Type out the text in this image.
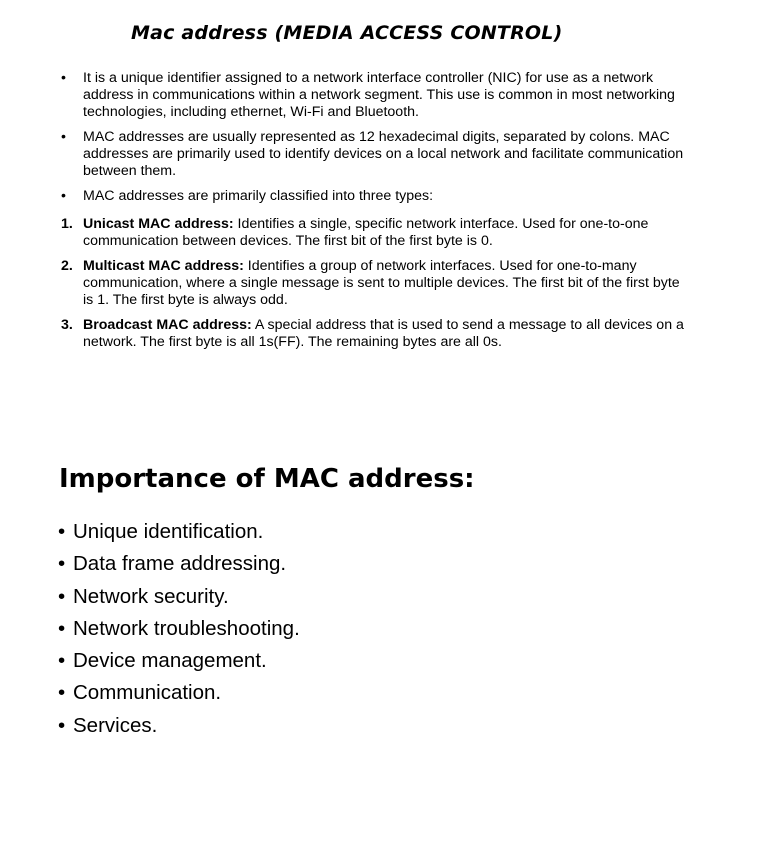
Mac address (MEDIA ACCESS CONTROL)
•	It is a unique identifier assigned to a network interface controller (NIC) for use as a network address in communications within a network segment. This use is common in most networking technologies, including ethernet, Wi-Fi and Bluetooth.
•	MAC addresses are usually represented as 12 hexadecimal digits, separated by colons. MAC addresses are primarily used to identify devices on a local network and facilitate communication between them.
•	MAC addresses are primarily classified into three types:
1. Unicast MAC address: Identifies a single, specific network interface. Used for one-to-one communication between devices. The first bit of the first byte is 0.
2. Multicast MAC address: Identifies a group of network interfaces. Used for one-to-many communication, where a single message is sent to multiple devices. The first bit of the first byte is 1. The first byte is always odd.
3. Broadcast MAC address: A special address that is used to send a message to all devices on a network. The first byte is all 1s(FF). The remaining bytes are all 0s.
Importance of MAC address:
• Unique identification.
• Data frame addressing.
• Network security.
• Network troubleshooting.
• Device management.
• Communication.
• Services.
